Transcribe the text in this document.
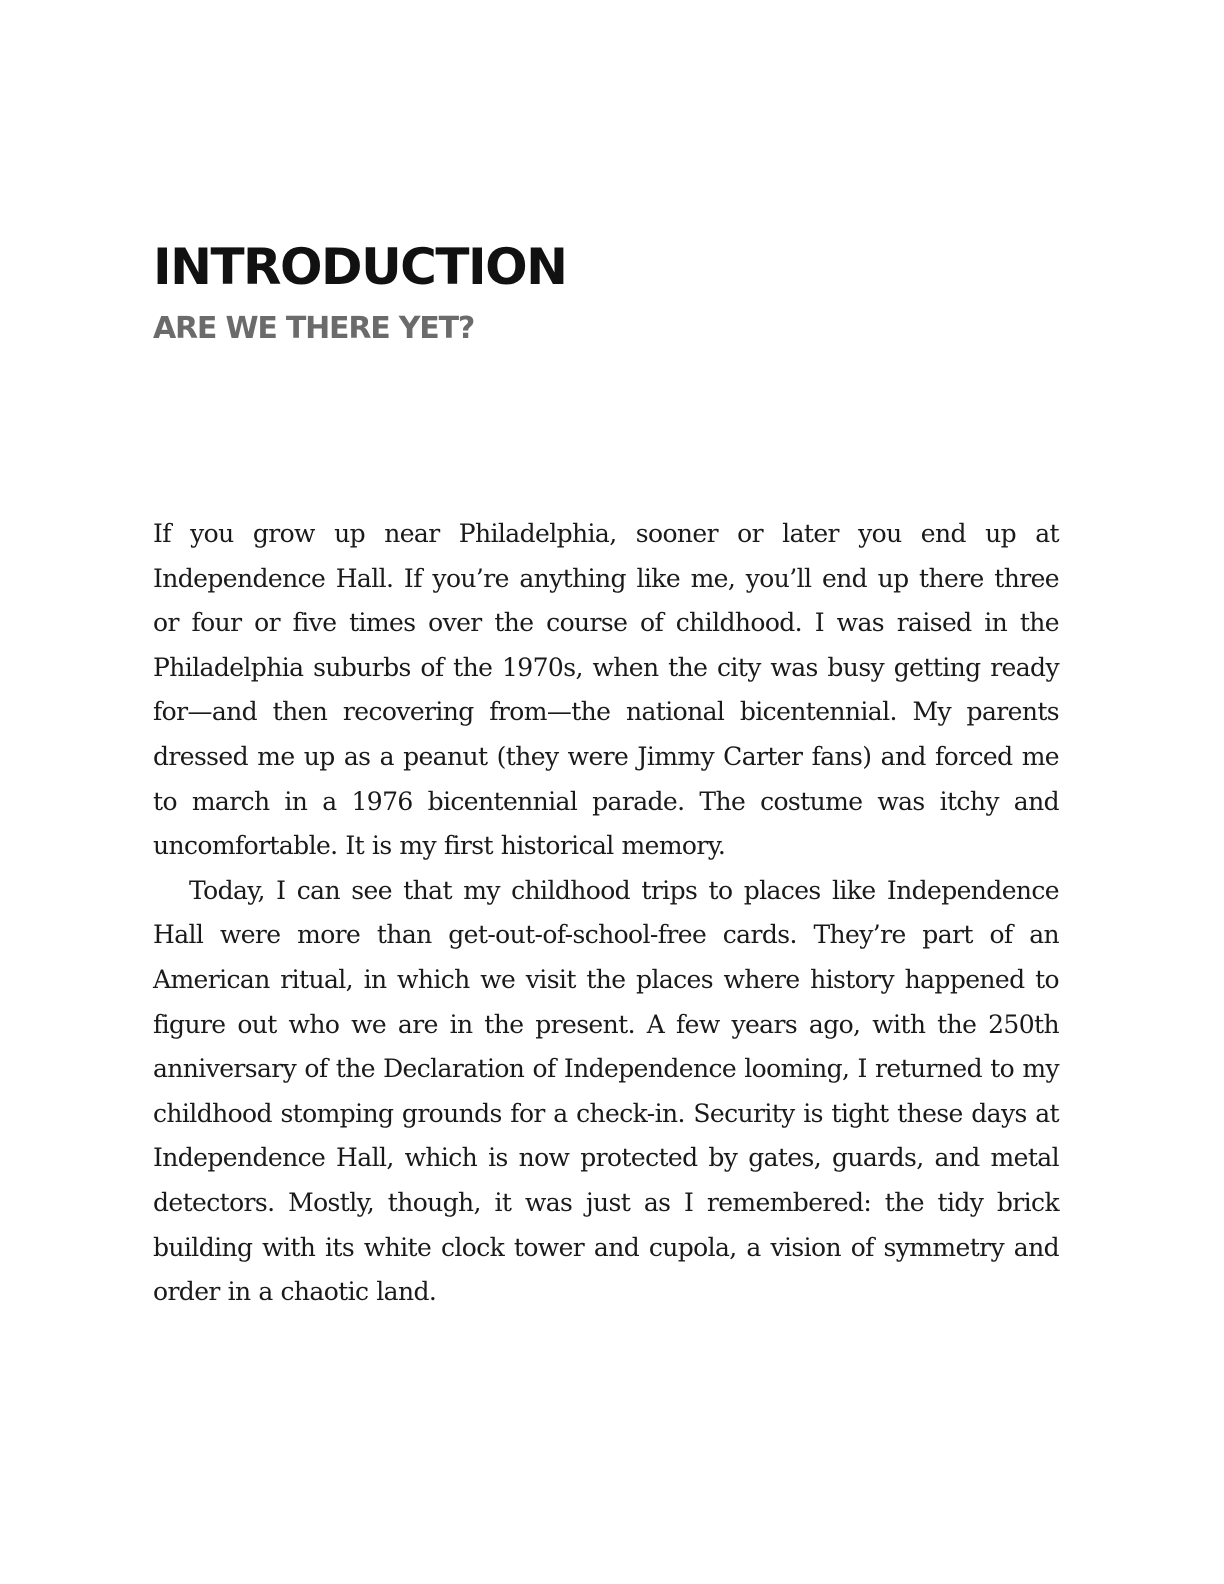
INTRODUCTION
ARE WE THERE YET?

If you grow up near Philadelphia, sooner or later you end up at Independence Hall. If you’re anything like me, you’ll end up there three or four or five times over the course of childhood. I was raised in the Philadelphia suburbs of the 1970s, when the city was busy getting ready for—and then recovering from—the national bicentennial. My parents dressed me up as a peanut (they were Jimmy Carter fans) and forced me to march in a 1976 bicentennial parade. The costume was itchy and uncomfortable. It is my first historical memory.

Today, I can see that my childhood trips to places like Independence Hall were more than get-out-of-school-free cards. They’re part of an American ritual, in which we visit the places where history happened to figure out who we are in the present. A few years ago, with the 250th anniversary of the Declaration of Independence looming, I returned to my childhood stomping grounds for a check-in. Security is tight these days at Independence Hall, which is now protected by gates, guards, and metal detectors. Mostly, though, it was just as I remembered: the tidy brick building with its white clock tower and cupola, a vision of symmetry and order in a chaotic land.
